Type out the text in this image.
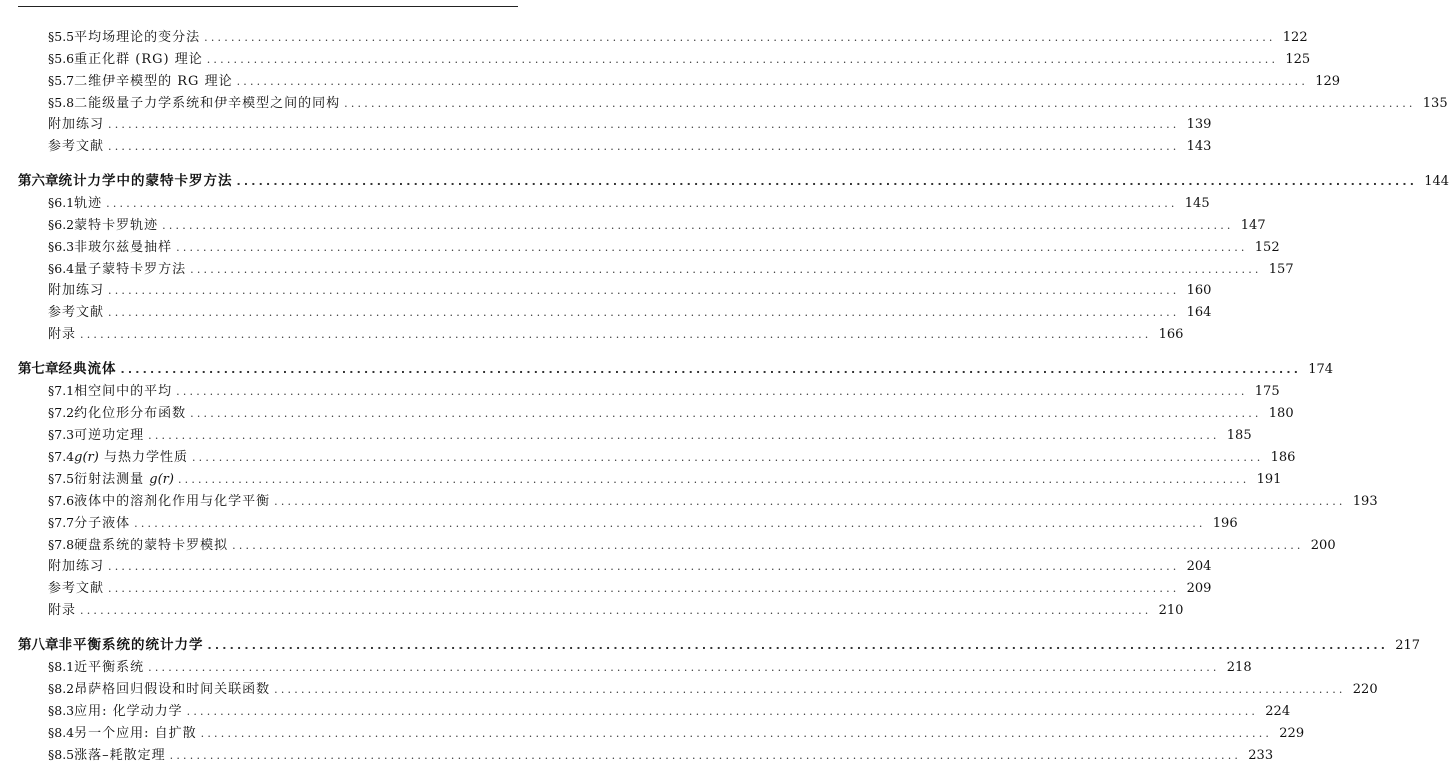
§5.5 平均场理论的变分法 ................................................................................................................................................................ 122
§5.6 重正化群 (RG) 理论 ................................................................................................................................................................ 125
§5.7 二维伊辛模型的 RG 理论 ................................................................................................................................................................ 129
§5.8 二能级量子力学系统和伊辛模型之间的同构 ................................................................................................................................................................ 135
附加练习 ................................................................................................................................................................ 139
参考文献 ................................................................................................................................................................ 143
第六章 统计力学中的蒙特卡罗方法 ................................................................................................................................................................ 144
§6.1 轨迹 ................................................................................................................................................................ 145
§6.2 蒙特卡罗轨迹 ................................................................................................................................................................ 147
§6.3 非玻尔兹曼抽样 ................................................................................................................................................................ 152
§6.4 量子蒙特卡罗方法 ................................................................................................................................................................ 157
附加练习 ................................................................................................................................................................ 160
参考文献 ................................................................................................................................................................ 164
附录 ................................................................................................................................................................ 166
第七章 经典流体 ................................................................................................................................................................ 174
§7.1 相空间中的平均 ................................................................................................................................................................ 175
§7.2 约化位形分布函数 ................................................................................................................................................................ 180
§7.3 可逆功定理 ................................................................................................................................................................ 185
§7.4 g(r) 与热力学性质 ................................................................................................................................................................ 186
§7.5 衍射法测量 g(r) ................................................................................................................................................................ 191
§7.6 液体中的溶剂化作用与化学平衡 ................................................................................................................................................................ 193
§7.7 分子液体 ................................................................................................................................................................ 196
§7.8 硬盘系统的蒙特卡罗模拟 ................................................................................................................................................................ 200
附加练习 ................................................................................................................................................................ 204
参考文献 ................................................................................................................................................................ 209
附录 ................................................................................................................................................................ 210
第八章 非平衡系统的统计力学 ................................................................................................................................................................ 217
§8.1 近平衡系统 ................................................................................................................................................................ 218
§8.2 昂萨格回归假设和时间关联函数 ................................................................................................................................................................ 220
§8.3 应用: 化学动力学 ................................................................................................................................................................ 224
§8.4 另一个应用: 自扩散 ................................................................................................................................................................ 229
§8.5 涨落–耗散定理 ................................................................................................................................................................ 233
